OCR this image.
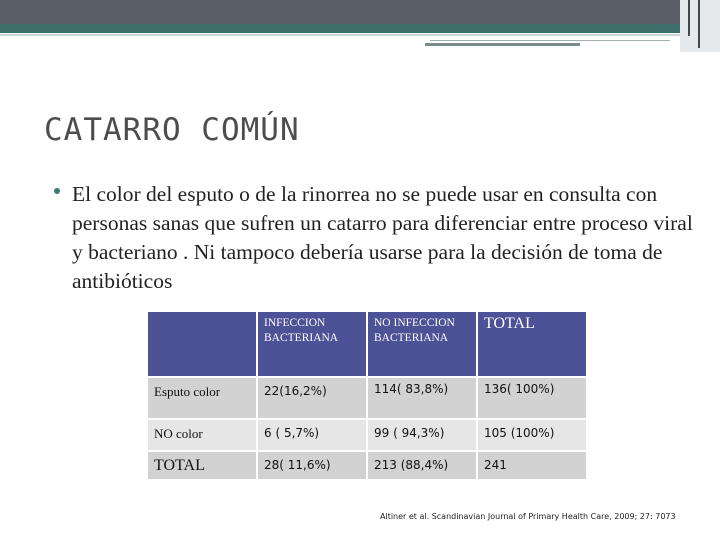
CATARRO COMÚN

El color del esputo o de la rinorrea no se puede usar en consulta con personas sanas que sufren un catarro para diferenciar entre proceso viral y bacteriano . Ni tampoco debería usarse para la decisión de toma de antibióticos

	INFECCION BACTERIANA	NO INFECCION BACTERIANA	TOTAL
Esputo color	22(16,2%)	114( 83,8%)	136( 100%)
NO color	6 ( 5,7%)	99 ( 94,3%)	105 (100%)
TOTAL	28( 11,6%)	213 (88,4%)	241
Altiner et al. Scandinavian Journal of Primary Health Care, 2009; 27: 7073
